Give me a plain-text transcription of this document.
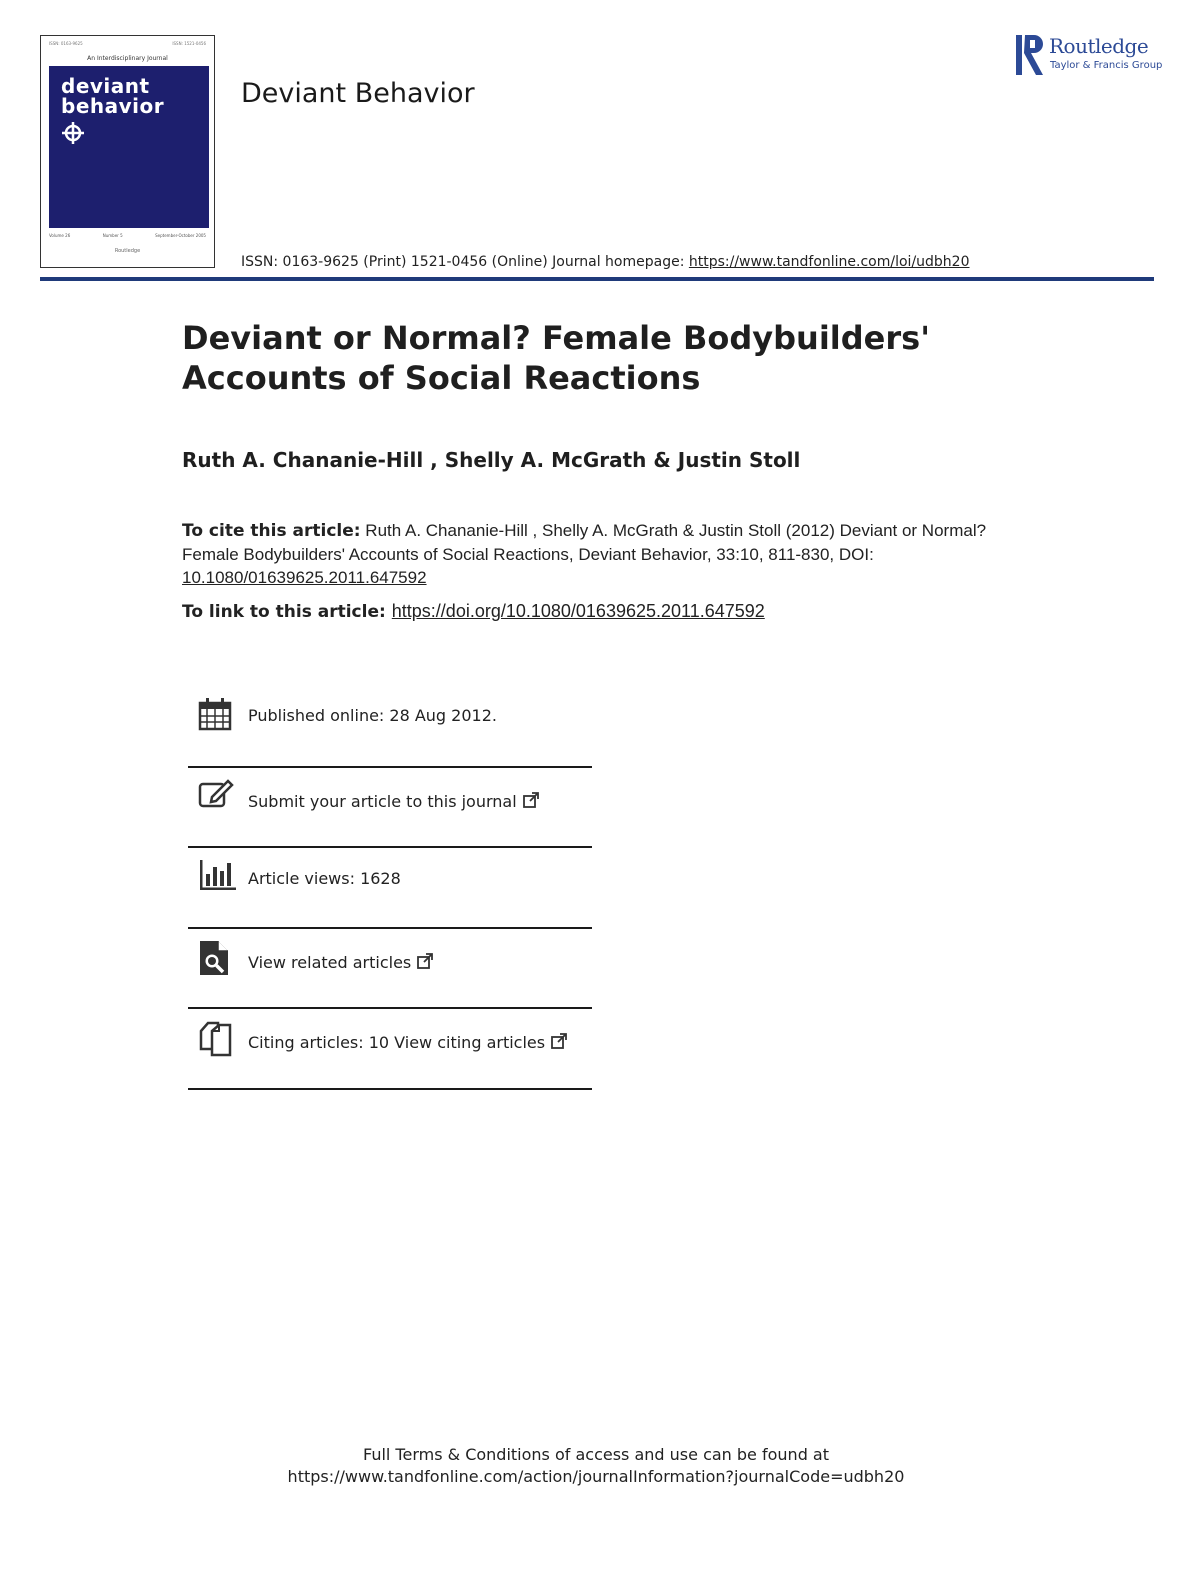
ISSN: 0163-9625	ISSN: 1521-0456
An Interdisciplinary Journal
deviant
behavior
Volume 26	Number 5	September-October 2005
Routledge
Deviant Behavior
Routledge
Taylor & Francis Group
ISSN: 0163-9625 (Print) 1521-0456 (Online) Journal homepage: https://www.tandfonline.com/loi/udbh20
Deviant or Normal? Female Bodybuilders'
Accounts of Social Reactions
Ruth A. Chananie-Hill , Shelly A. McGrath & Justin Stoll
To cite this article: Ruth A. Chananie-Hill , Shelly A. McGrath & Justin Stoll (2012) Deviant or Normal? Female Bodybuilders' Accounts of Social Reactions, Deviant Behavior, 33:10, 811-830, DOI: 10.1080/01639625.2011.647592
To link to this article: https://doi.org/10.1080/01639625.2011.647592
Published online: 28 Aug 2012.
Submit your article to this journal
Article views: 1628
View related articles
Citing articles: 10 View citing articles
Full Terms & Conditions of access and use can be found at
https://www.tandfonline.com/action/journalInformation?journalCode=udbh20
